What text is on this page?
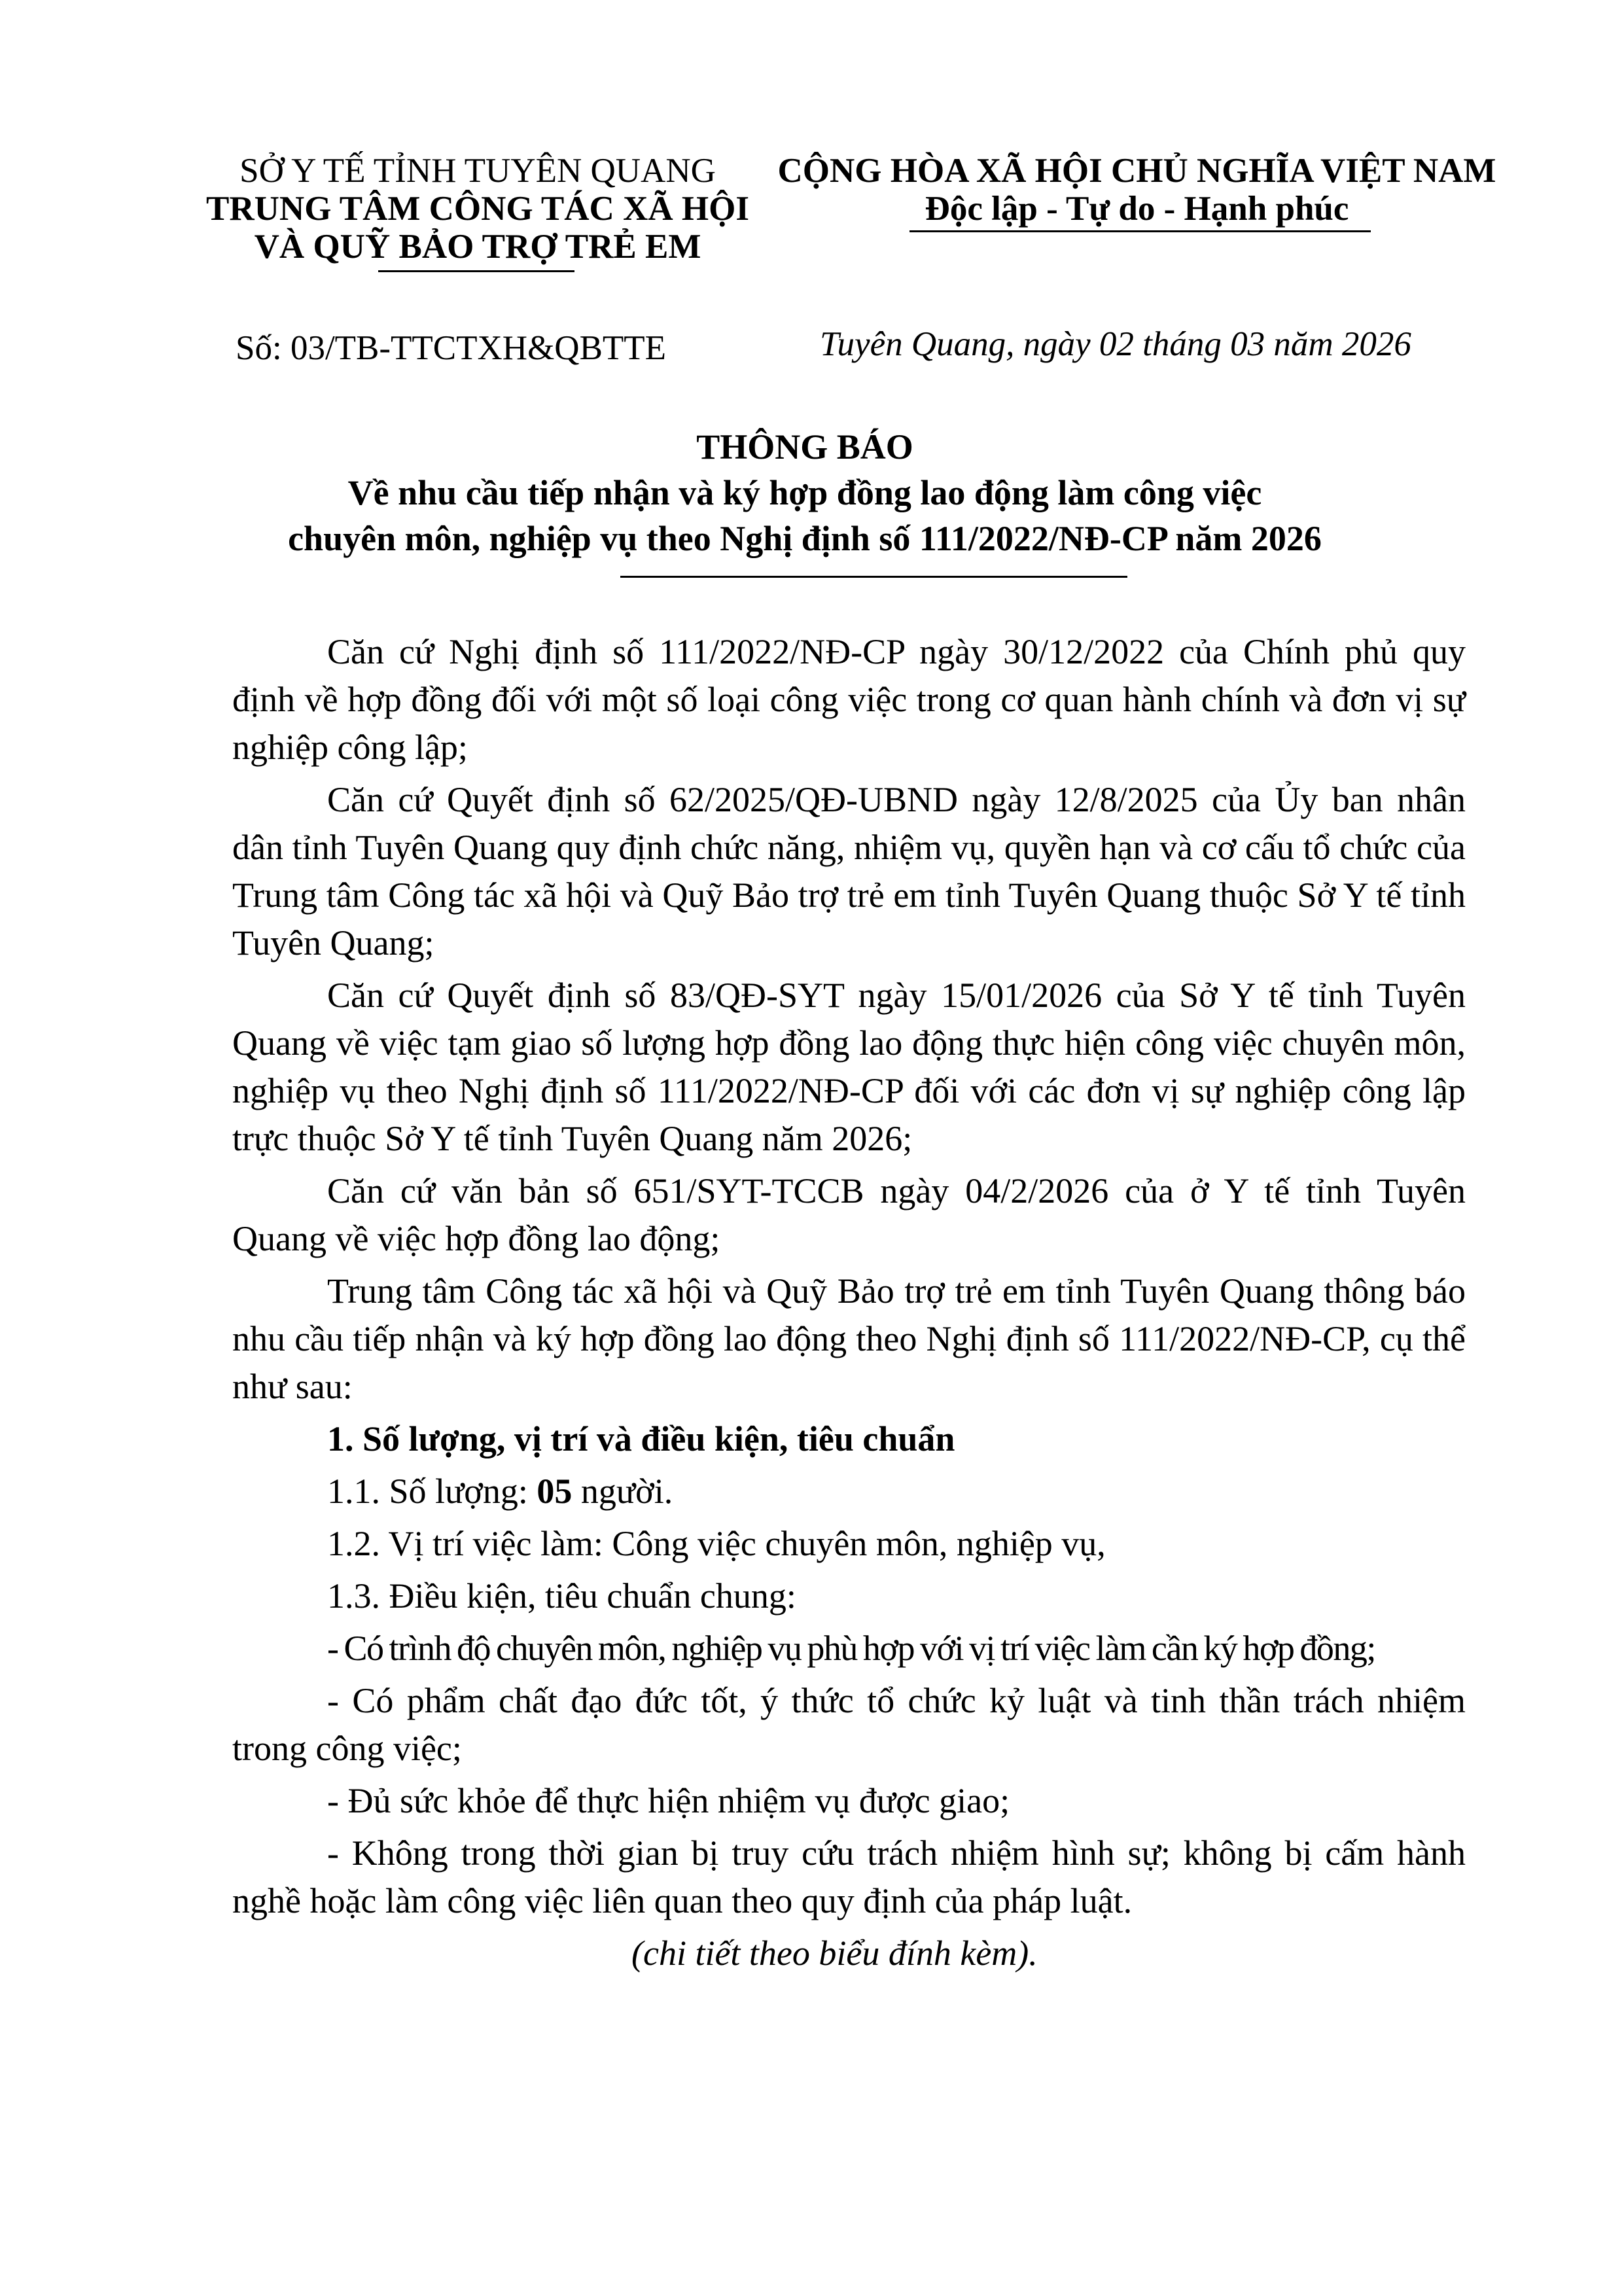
SỞ Y TẾ TỈNH TUYÊN QUANG
TRUNG TÂM CÔNG TÁC XÃ HỘI
VÀ QUỸ BẢO TRỢ TRẺ EM
CỘNG HÒA XÃ HỘI CHỦ NGHĨA VIỆT NAM
Độc lập - Tự do - Hạnh phúc
Số: 03/TB-TTCTXH&QBTTE	Tuyên Quang, ngày 02 tháng 03 năm 2026
THÔNG BÁO
Về nhu cầu tiếp nhận và ký hợp đồng lao động làm công việc
chuyên môn, nghiệp vụ theo Nghị định số 111/2022/NĐ-CP năm 2026

Căn cứ Nghị định số 111/2022/NĐ-CP ngày 30/12/2022 của Chính phủ quy định về hợp đồng đối với một số loại công việc trong cơ quan hành chính và đơn vị sự nghiệp công lập;

Căn cứ Quyết định số 62/2025/QĐ-UBND ngày 12/8/2025 của Ủy ban nhân dân tỉnh Tuyên Quang quy định chức năng, nhiệm vụ, quyền hạn và cơ cấu tổ chức của Trung tâm Công tác xã hội và Quỹ Bảo trợ trẻ em tỉnh Tuyên Quang thuộc Sở Y tế tỉnh Tuyên Quang;

Căn cứ Quyết định số 83/QĐ-SYT ngày 15/01/2026 của Sở Y tế tỉnh Tuyên Quang về việc tạm giao số lượng hợp đồng lao động thực hiện công việc chuyên môn, nghiệp vụ theo Nghị định số 111/2022/NĐ-CP đối với các đơn vị sự nghiệp công lập trực thuộc Sở Y tế tỉnh Tuyên Quang năm 2026;

Căn cứ văn bản số 651/SYT-TCCB ngày 04/2/2026 của ở Y tế tỉnh Tuyên Quang về việc hợp đồng lao động;

Trung tâm Công tác xã hội và Quỹ Bảo trợ trẻ em tỉnh Tuyên Quang thông báo nhu cầu tiếp nhận và ký hợp đồng lao động theo Nghị định số 111/2022/NĐ-CP, cụ thể như sau:

1. Số lượng, vị trí và điều kiện, tiêu chuẩn

1.1. Số lượng: 05 người.

1.2. Vị trí việc làm: Công việc chuyên môn, nghiệp vụ,

1.3. Điều kiện, tiêu chuẩn chung:

- Có trình độ chuyên môn, nghiệp vụ phù hợp với vị trí việc làm cần ký hợp đồng;

- Có phẩm chất đạo đức tốt, ý thức tổ chức kỷ luật và tinh thần trách nhiệm trong công việc;

- Đủ sức khỏe để thực hiện nhiệm vụ được giao;

- Không trong thời gian bị truy cứu trách nhiệm hình sự; không bị cấm hành nghề hoặc làm công việc liên quan theo quy định của pháp luật.

(chi tiết theo biểu đính kèm).
